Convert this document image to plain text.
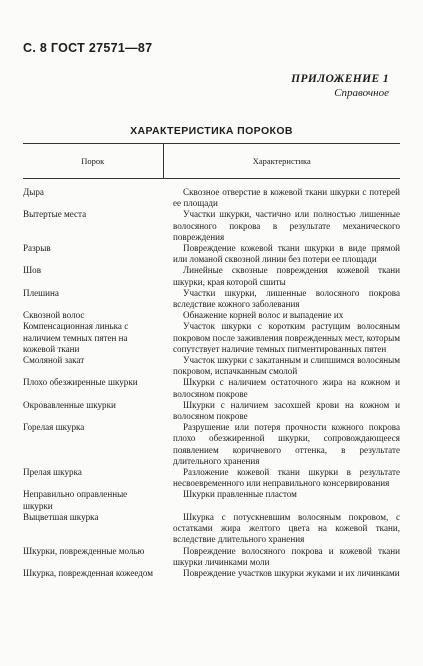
С. 8 ГОСТ 27571—87
ПРИЛОЖЕНИЕ 1
Справочное
ХАРАКТЕРИСТИКА ПОРОКОВ
Порок	Характеристика
Дыра	Сквозное отверстие в кожевой ткани шкурки с потерей ее площади
Вытертые места	Участки шкурки, частично или полностью лишенные волосяного покрова в результате механического повреждения
Разрыв	Повреждение кожевой ткани шкурки в виде прямой или ломаной сквозной линии без потери ее площади
Шов	Линейные сквозные повреждения кожевой ткани шкурки, края которой сшиты
Плешина	Участки шкурки, лишенные волосяного покрова вследствие кожного заболевания
Сквозной волос	Обнажение корней волос и выпадение их
Компенсационная линька с наличием темных пятен на кожевой ткани	Участок шкурки с коротким растущим волосяным покровом после заживления поврежденных мест, которым сопутствует наличие темных пигментированных пятен
Смоляной закат	Участок шкурки с закатанным и слипшимся волосяным покровом, испачканным смолой
Плохо обезжиренные шкурки	Шкурки с наличием остаточного жира на кожном и волосяном покрове
Окровавленные шкурки	Шкурки с наличием засохшей крови на кожном и волосяном покрове
Горелая шкурка	Разрушение или потеря прочности кожного покрова плохо обезжиренной шкурки, сопровождающееся появлением коричневого оттенка, в результате длительного хранения
Прелая шкурка	Разложение кожевой ткани шкурки в результате несвоевременного или неправильного консервирования
Неправильно оправленные шкурки	Шкурки правленные пластом
Выцветшая шкурка	Шкурка с потускневшим волосяным покровом, с остатками жира желтого цвета на кожевой ткани, вследствие длительного хранения
Шкурки, поврежденные молью	Повреждение волосяного покрова и кожевой ткани шкурки личинками моли
Шкурка, поврежденная кожеедом	Повреждение участков шкурки жуками и их личинками
